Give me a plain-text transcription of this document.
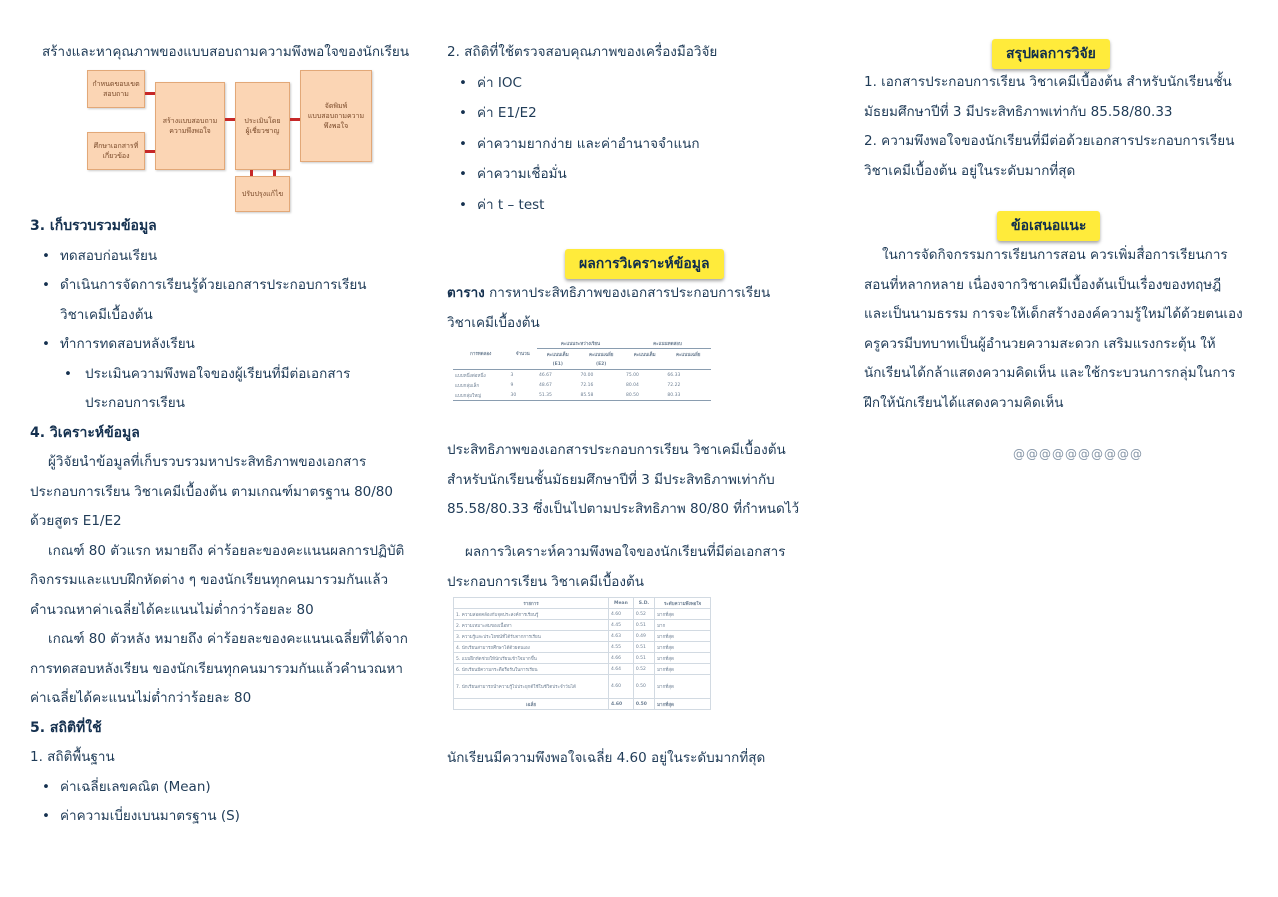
สร้างและหาคุณภาพของแบบสอบถามความพึงพอใจของนักเรียน
กำหนดขอบเขต
สอบถาม
ศึกษาเอกสารที่
เกี่ยวข้อง
สร้างแบบสอบถาม
ความพึงพอใจ
ประเมินโดย
ผู้เชี่ยวชาญ
ปรับปรุงแก้ไข
จัดพิมพ์
แบบสอบถามความ
พึงพอใจ
3. เก็บรวบรวมข้อมูล
• ทดสอบก่อนเรียน
• ดำเนินการจัดการเรียนรู้ด้วยเอกสารประกอบการเรียน
วิชาเคมีเบื้องต้น
• ทำการทดสอบหลังเรียน
• ประเมินความพึงพอใจของผู้เรียนที่มีต่อเอกสาร
ประกอบการเรียน
4. วิเคราะห์ข้อมูล
ผู้วิจัยนำข้อมูลที่เก็บรวบรวมหาประสิทธิภาพของเอกสาร
ประกอบการเรียน วิชาเคมีเบื้องต้น ตามเกณฑ์มาตรฐาน 80/80
ด้วยสูตร E1/E2
เกณฑ์ 80 ตัวแรก หมายถึง ค่าร้อยละของคะแนนผลการปฏิบัติ
กิจกรรมและแบบฝึกหัดต่าง ๆ ของนักเรียนทุกคนมารวมกันแล้ว
คำนวณหาค่าเฉลี่ยได้คะแนนไม่ต่ำกว่าร้อยละ 80
เกณฑ์ 80 ตัวหลัง หมายถึง ค่าร้อยละของคะแนนเฉลี่ยที่ได้จาก
การทดสอบหลังเรียน ของนักเรียนทุกคนมารวมกันแล้วคำนวณหา
ค่าเฉลี่ยได้คะแนนไม่ต่ำกว่าร้อยละ 80
5. สถิติที่ใช้
1. สถิติพื้นฐาน
• ค่าเฉลี่ยเลขคณิต (Mean)
• ค่าความเบี่ยงเบนมาตรฐาน (S)
2. สถิติที่ใช้ตรวจสอบคุณภาพของเครื่องมือวิจัย
• ค่า IOC
• ค่า E1/E2
• ค่าความยากง่าย และค่าอำนาจจำแนก
• ค่าความเชื่อมั่น
• ค่า t – test
ผลการวิเคราะห์ข้อมูล
ตาราง การหาประสิทธิภาพของเอกสารประกอบการเรียน
วิชาเคมีเบื้องต้น
		คะแนนระหว่างเรียน		คะแนนทดสอบ	
การทดลอง	จำนวน	คะแนนเต็ม	คะแนนเฉลี่ย	คะแนนเต็ม	คะแนนเฉลี่ย
		(E1)	(E2)		
แบบหนึ่งต่อหนึ่ง	3	46.67	70.00	75.00	66.33
แบบกลุ่มเล็ก	9	48.67	72.16	80.04	72.22
แบบกลุ่มใหญ่	30	51.35	85.58	80.50	80.33
ประสิทธิภาพของเอกสารประกอบการเรียน วิชาเคมีเบื้องต้น
สำหรับนักเรียนชั้นมัธยมศึกษาปีที่ 3 มีประสิทธิภาพเท่ากับ
85.58/80.33 ซึ่งเป็นไปตามประสิทธิภาพ 80/80 ที่กำหนดไว้
ผลการวิเคราะห์ความพึงพอใจของนักเรียนที่มีต่อเอกสาร
ประกอบการเรียน วิชาเคมีเบื้องต้น
รายการ	Mean	S.D.	ระดับความพึงพอใจ
1. ความสอดคล้องกับจุดประสงค์การเรียนรู้	4.60	0.52	มากที่สุด
2. ความเหมาะสมของเนื้อหา	4.45	0.51	มาก
3. ความรู้และประโยชน์ที่ได้รับจากการเรียน	4.63	0.49	มากที่สุด
4. นักเรียนสามารถศึกษาได้ด้วยตนเอง	4.55	0.51	มากที่สุด
5. แบบฝึกหัดช่วยให้นักเรียนเข้าใจมากขึ้น	4.66	0.51	มากที่สุด
6. นักเรียนมีความกระตือรือร้นในการเรียน	4.64	0.52	มากที่สุด
7. นักเรียนสามารถนำความรู้ไปประยุกต์ใช้ในชีวิตประจำวันได้	4.60	0.50	มากที่สุด
เฉลี่ย	4.60	0.50	มากที่สุด
นักเรียนมีความพึงพอใจเฉลี่ย 4.60 อยู่ในระดับมากที่สุด
สรุปผลการวิจัย
1. เอกสารประกอบการเรียน วิชาเคมีเบื้องต้น สำหรับนักเรียนชั้น
มัธยมศึกษาปีที่ 3 มีประสิทธิภาพเท่ากับ 85.58/80.33
2. ความพึงพอใจของนักเรียนที่มีต่อด้วยเอกสารประกอบการเรียน
วิชาเคมีเบื้องต้น อยู่ในระดับมากที่สุด
ข้อเสนอแนะ
ในการจัดกิจกรรมการเรียนการสอน ควรเพิ่มสื่อการเรียนการ
สอนที่หลากหลาย เนื่องจากวิชาเคมีเบื้องต้นเป็นเรื่องของทฤษฎี
และเป็นนามธรรม การจะให้เด็กสร้างองค์ความรู้ใหม่ได้ด้วยตนเอง
ครูควรมีบทบาทเป็นผู้อำนวยความสะดวก เสริมแรงกระตุ้น ให้
นักเรียนได้กล้าแสดงความคิดเห็น และใช้กระบวนการกลุ่มในการ
ฝึกให้นักเรียนได้แสดงความคิดเห็น
@@@@@@@@@@
